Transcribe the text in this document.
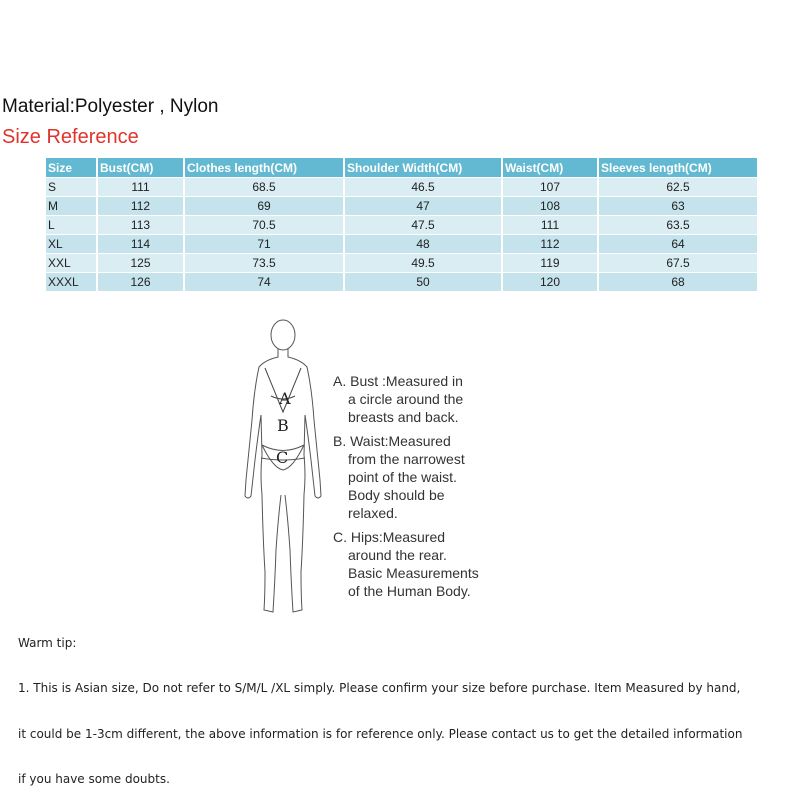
Material:Polyester , Nylon
Size Reference
Size	Bust(CM)	Clothes length(CM)	Shoulder Width(CM)	Waist(CM)	Sleeves length(CM)
S	111	68.5	46.5	107	62.5
M	112	69	47	108	63
L	113	70.5	47.5	111	63.5
XL	114	71	48	112	64
XXL	125	73.5	49.5	119	67.5
XXXL	126	74	50	120	68
A
B
C
A. Bust :Measured in
a circle around the
breasts and back.
B. Waist:Measured
from the narrowest
point of the waist.
Body should be
relaxed.
C. Hips:Measured
around the rear.
Basic Measurements
of the Human Body.
Warm tip:
1. This is Asian size, Do not refer to S/M/L /XL simply. Please confirm your size before purchase. Item Measured by hand,
it could be 1-3cm different, the above information is for reference only. Please contact us to get the detailed information
if you have some doubts.
